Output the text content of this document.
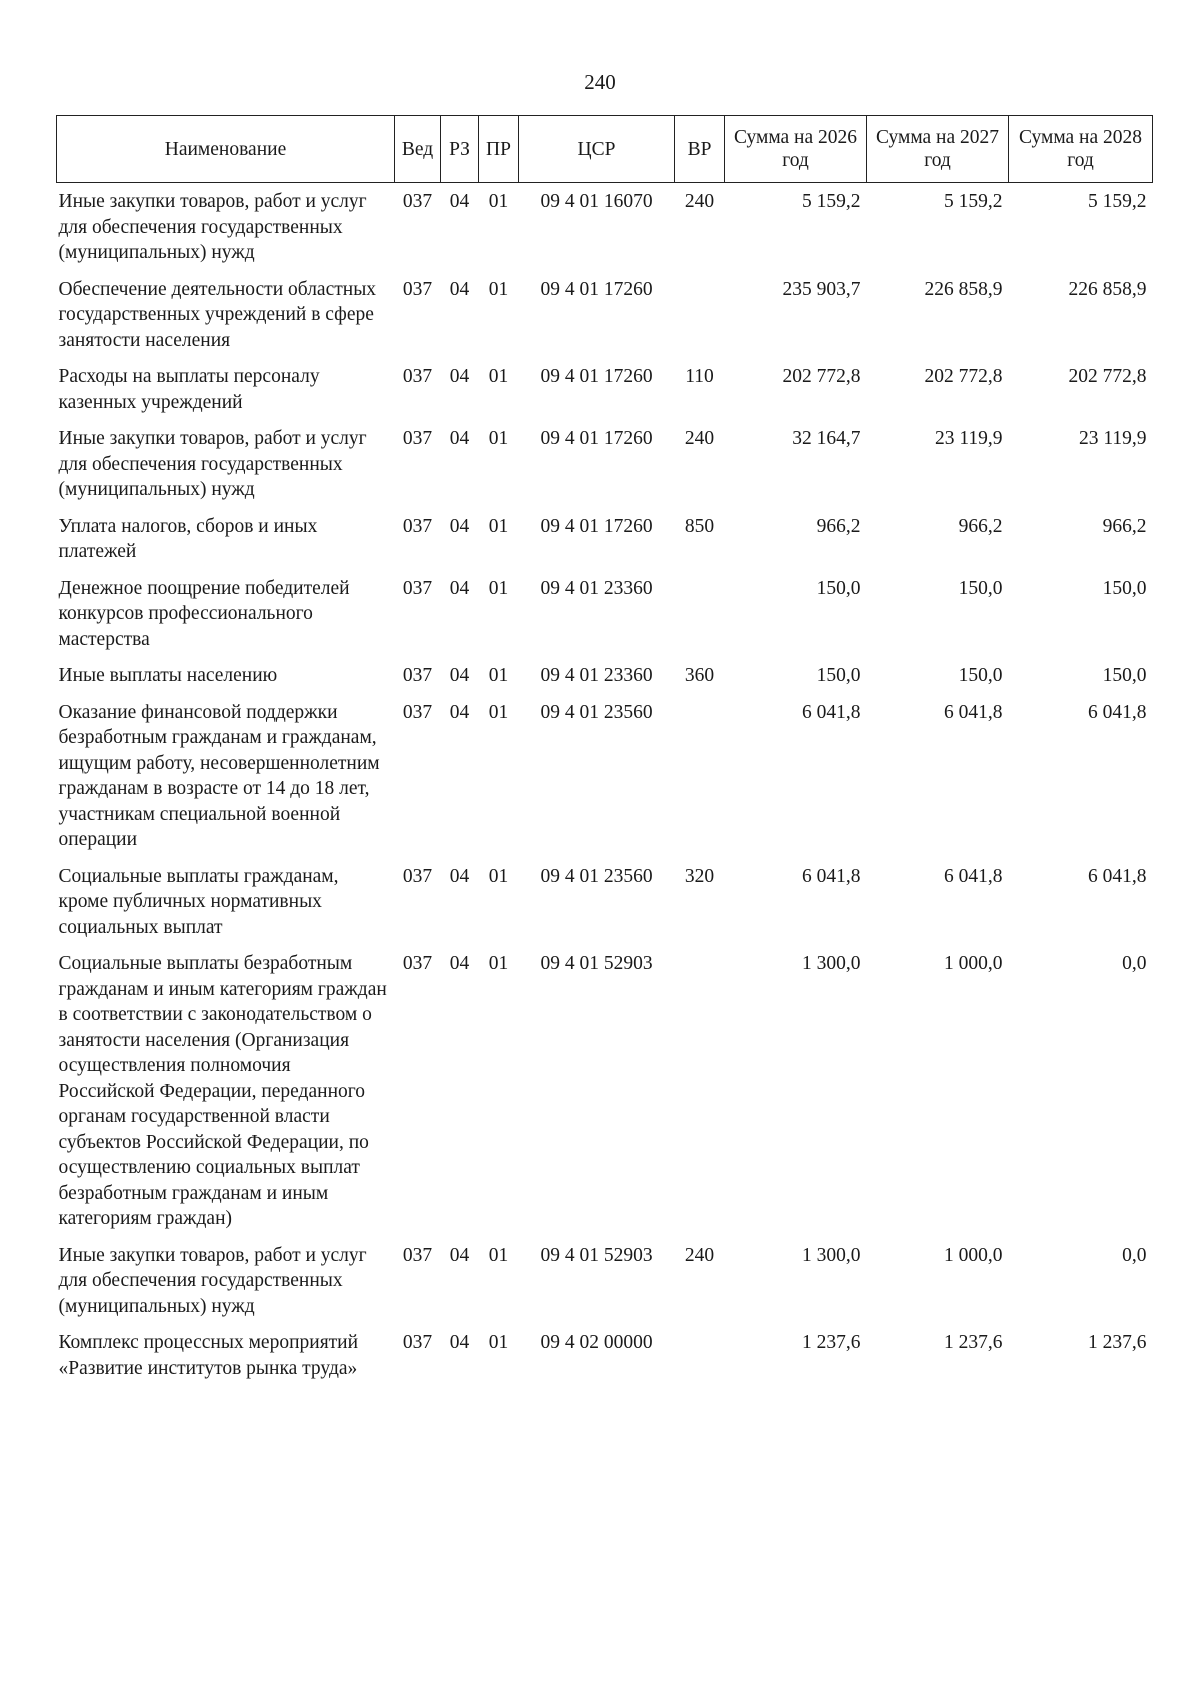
240
Наименование	Вед	РЗ	ПР	ЦСР	ВР	Сумма на 2026 год	Сумма на 2027 год	Сумма на 2028 год
Иные закупки товаров, работ и услуг для обеспечения государственных (муниципальных) нужд	037	04	01	09 4 01 16070	240	5 159,2	5 159,2	5 159,2
Обеспечение деятельности областных государственных учреждений в сфере занятости населения	037	04	01	09 4 01 17260		235 903,7	226 858,9	226 858,9
Расходы на выплаты персоналу казенных учреждений	037	04	01	09 4 01 17260	110	202 772,8	202 772,8	202 772,8
Иные закупки товаров, работ и услуг для обеспечения государственных (муниципальных) нужд	037	04	01	09 4 01 17260	240	32 164,7	23 119,9	23 119,9
Уплата налогов, сборов и иных платежей	037	04	01	09 4 01 17260	850	966,2	966,2	966,2
Денежное поощрение победителей конкурсов профессионального мастерства	037	04	01	09 4 01 23360		150,0	150,0	150,0
Иные выплаты населению	037	04	01	09 4 01 23360	360	150,0	150,0	150,0
Оказание финансовой поддержки безработным гражданам и гражданам, ищущим работу, несовершеннолетним гражданам в возрасте от 14 до 18 лет, участникам специальной военной операции	037	04	01	09 4 01 23560		6 041,8	6 041,8	6 041,8
Социальные выплаты гражданам, кроме публичных нормативных социальных выплат	037	04	01	09 4 01 23560	320	6 041,8	6 041,8	6 041,8
Социальные выплаты безработным гражданам и иным категориям граждан в соответствии с законодательством о занятости населения (Организация осуществления полномочия Российской Федерации, переданного органам государственной власти субъектов Российской Федерации, по осуществлению социальных выплат безработным гражданам и иным категориям граждан)	037	04	01	09 4 01 52903		1 300,0	1 000,0	0,0
Иные закупки товаров, работ и услуг для обеспечения государственных (муниципальных) нужд	037	04	01	09 4 01 52903	240	1 300,0	1 000,0	0,0
Комплекс процессных мероприятий «Развитие институтов рынка труда»	037	04	01	09 4 02 00000		1 237,6	1 237,6	1 237,6
